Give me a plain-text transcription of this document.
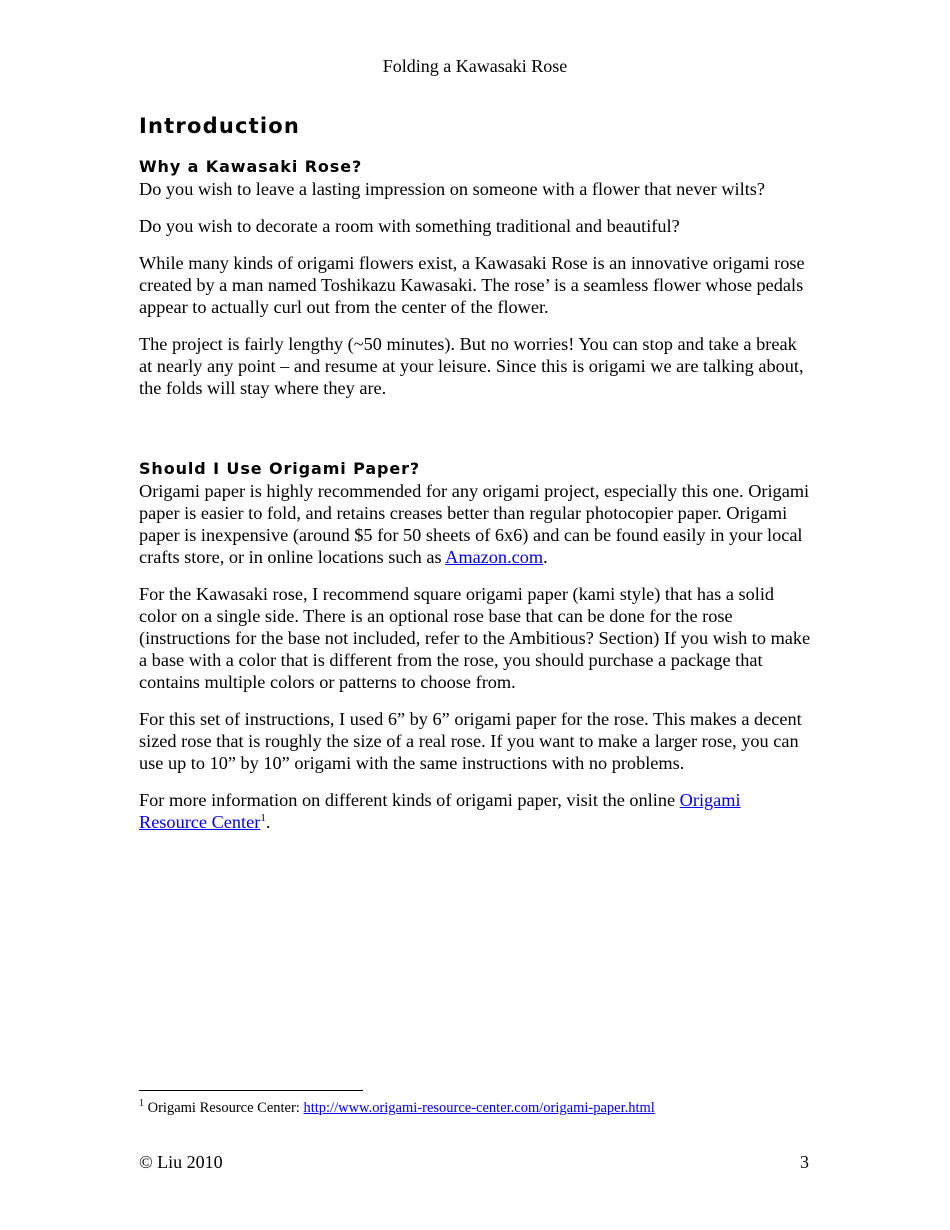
Folding a Kawasaki Rose
Introduction
Why a Kawasaki Rose?

Do you wish to leave a lasting impression on someone with a flower that never wilts?

Do you wish to decorate a room with something traditional and beautiful?

While many kinds of origami flowers exist, a Kawasaki Rose is an innovative origami rose created by a man named Toshikazu Kawasaki. The rose’ is a seamless flower whose pedals appear to actually curl out from the center of the flower.

The project is fairly lengthy (~50 minutes). But no worries! You can stop and take a break at nearly any point – and resume at your leisure. Since this is origami we are talking about, the folds will stay where they are.

Should I Use Origami Paper?

Origami paper is highly recommended for any origami project, especially this one. Origami paper is easier to fold, and retains creases better than regular photocopier paper. Origami paper is inexpensive (around $5 for 50 sheets of 6x6) and can be found easily in your local crafts store, or in online locations such as Amazon.com.

For the Kawasaki rose, I recommend square origami paper (kami style) that has a solid color on a single side. There is an optional rose base that can be done for the rose (instructions for the base not included, refer to the Ambitious? Section) If you wish to make a base with a color that is different from the rose, you should purchase a package that contains multiple colors or patterns to choose from.

For this set of instructions, I used 6” by 6” origami paper for the rose. This makes a decent sized rose that is roughly the size of a real rose. If you want to make a larger rose, you can use up to 10” by 10” origami with the same instructions with no problems.

For more information on different kinds of origami paper, visit the online Origami Resource Center$^1$.

$^1$ Origami Resource Center: http://www.origami-resource-center.com/origami-paper.html
© Liu 2010	3
